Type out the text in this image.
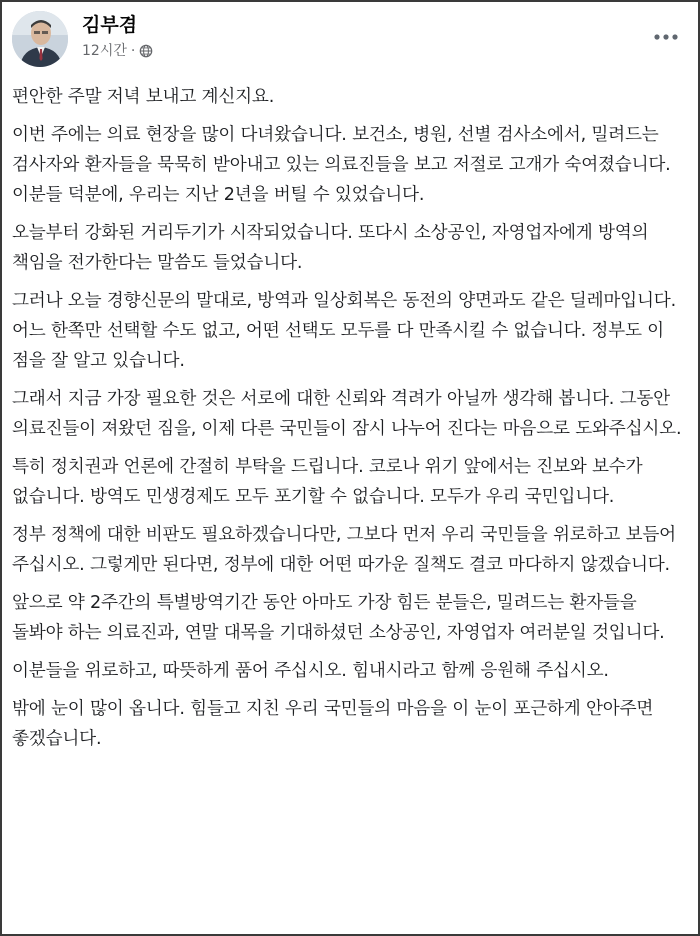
김부겸
12시간 ·

편안한 주말 저녁 보내고 계신지요.

이번 주에는 의료 현장을 많이 다녀왔습니다. 보건소, 병원, 선별 검사소에서, 밀려드는 검사자와 환자들을 묵묵히 받아내고 있는 의료진들을 보고 저절로 고개가 숙여졌습니다. 이분들 덕분에, 우리는 지난 2년을 버틸 수 있었습니다.

오늘부터 강화된 거리두기가 시작되었습니다. 또다시 소상공인, 자영업자에게 방역의 책임을 전가한다는 말씀도 들었습니다.

그러나 오늘 경향신문의 말대로, 방역과 일상회복은 동전의 양면과도 같은 딜레마입니다. 어느 한쪽만 선택할 수도 없고, 어떤 선택도 모두를 다 만족시킬 수 없습니다. 정부도 이 점을 잘 알고 있습니다.

그래서 지금 가장 필요한 것은 서로에 대한 신뢰와 격려가 아닐까 생각해 봅니다. 그동안 의료진들이 져왔던 짐을, 이제 다른 국민들이 잠시 나누어 진다는 마음으로 도와주십시오.

특히 정치권과 언론에 간절히 부탁을 드립니다. 코로나 위기 앞에서는 진보와 보수가 없습니다. 방역도 민생경제도 모두 포기할 수 없습니다. 모두가 우리 국민입니다.

정부 정책에 대한 비판도 필요하겠습니다만, 그보다 먼저 우리 국민들을 위로하고 보듬어 주십시오. 그렇게만 된다면, 정부에 대한 어떤 따가운 질책도 결코 마다하지 않겠습니다.

앞으로 약 2주간의 특별방역기간 동안 아마도 가장 힘든 분들은, 밀려드는 환자들을 돌봐야 하는 의료진과, 연말 대목을 기대하셨던 소상공인, 자영업자 여러분일 것입니다.

이분들을 위로하고, 따뜻하게 품어 주십시오. 힘내시라고 함께 응원해 주십시오.

밖에 눈이 많이 옵니다. 힘들고 지친 우리 국민들의 마음을 이 눈이 포근하게 안아주면 좋겠습니다.
